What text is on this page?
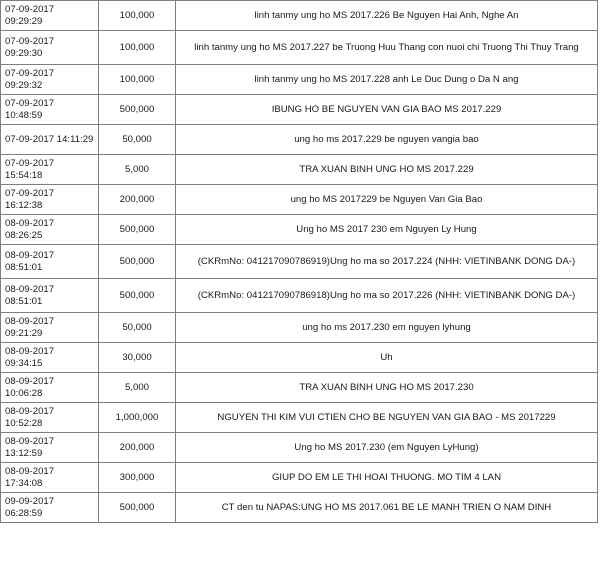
07-09-2017 09:29:29	100,000	linh tanmy ung ho MS 2017.226 Be Nguyen Hai Anh, Nghe An
07-09-2017 09:29:30	100,000	linh tanmy ung ho MS 2017.227 be Truong Huu Thang con nuoi chi Truong Thi Thuy Trang
07-09-2017 09:29:32	100,000	linh tanmy ung ho MS 2017.228 anh Le Duc Dung o Da N ang
07-09-2017 10:48:59	500,000	IBUNG HO BE NGUYEN VAN GIA BAO MS 2017.229
07-09-2017 14:11:29	50,000	ung ho ms 2017.229 be nguyen vangia bao
07-09-2017 15:54:18	5,000	TRA XUAN BINH UNG HO MS 2017.229
07-09-2017 16:12:38	200,000	ung ho MS 2017229 be Nguyen Van Gia Bao
08-09-2017 08:26:25	500,000	Ung ho MS 2017 230 em Nguyen Ly Hung
08-09-2017 08:51:01	500,000	(CKRmNo: 041217090786919)Ung ho ma so 2017.224 (NHH: VIETINBANK DONG DA-)
08-09-2017 08:51:01	500,000	(CKRmNo: 041217090786918)Ung ho ma so 2017.226 (NHH: VIETINBANK DONG DA-)
08-09-2017 09:21:29	50,000	ung ho ms 2017.230 em nguyen lyhung
08-09-2017 09:34:15	30,000	Uh
08-09-2017 10:06:28	5,000	TRA XUAN BINH UNG HO MS 2017.230
08-09-2017 10:52:28	1,000,000	NGUYEN THI KIM VUI CTIEN CHO BE NGUYEN VAN GIA BAO - MS 2017229
08-09-2017 13:12:59	200,000	Ung ho MS 2017.230 (em Nguyen LyHung)
08-09-2017 17:34:08	300,000	GIUP DO EM LE THI HOAI THUONG. MO TIM 4 LAN
09-09-2017 06:28:59	500,000	CT den tu NAPAS:UNG HO MS 2017.061 BE LE MANH TRIEN O NAM DINH
